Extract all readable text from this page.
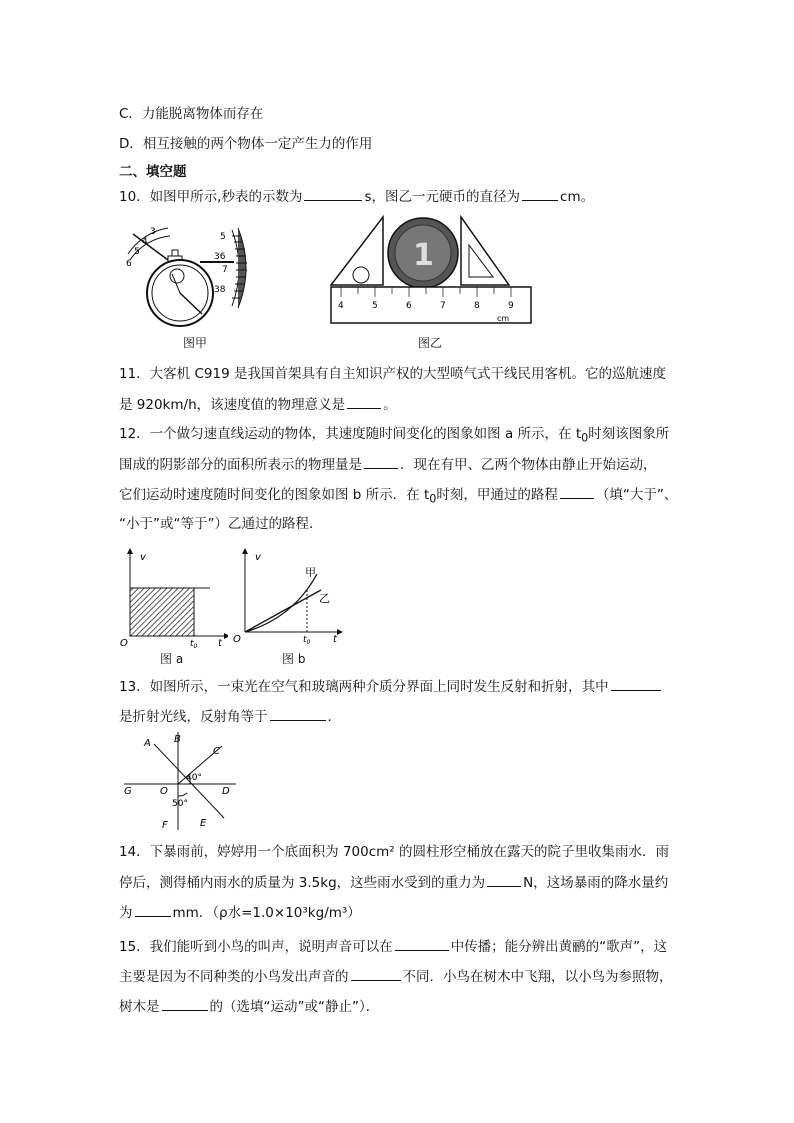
C．力能脱离物体而存在
D．相互接触的两个物体一定产生力的作用
二、填空题
10．如图甲所示,秒表的示数为	s，图乙一元硬币的直径为	cm。
3
4
5
6
5
36
7
38
图甲
1
4	5	6	7	8	9
cm
图乙
11．大客机 C919 是我国首架具有自主知识产权的大型喷气式干线民用客机。它的巡航速度
是 920km/h，该速度值的物理意义是	。
12．一个做匀速直线运动的物体，其速度随时间变化的图象如图 a 所示，在 $t_0$时刻该图象所
围成的阴影部分的面积所表示的物理量是	．现在有甲、乙两个物体由静止开始运动，
它们运动时速度随时间变化的图象如图 b 所示．在 $t_0$时刻，甲通过的路程	（填“大于”、
“小于”或“等于”）乙通过的路程．
v
t
O	$t_0$
图 a
v
t
O	$t_0$
甲
乙
图 b
13．如图所示，一束光在空气和玻璃两种介质分界面上同时发生反射和折射，其中
是折射光线，反射角等于	．
A B
C
D
E
F
G	O
40°
50°
14．下暴雨前，婷婷用一个底面积为 700cm² 的圆柱形空桶放在露天的院子里收集雨水．雨
停后，测得桶内雨水的质量为 3.5kg，这些雨水受到的重力为	N，这场暴雨的降水量约
为	mm．（ρ水=1.0×10³kg/m³）
15．我们能听到小鸟的叫声，说明声音可以在	中传播；能分辨出黄鹂的“歌声”，这
主要是因为不同种类的小鸟发出声音的	不同．小鸟在树木中飞翔，以小鸟为参照物，
树木是	的（选填“运动”或“静止”）．
